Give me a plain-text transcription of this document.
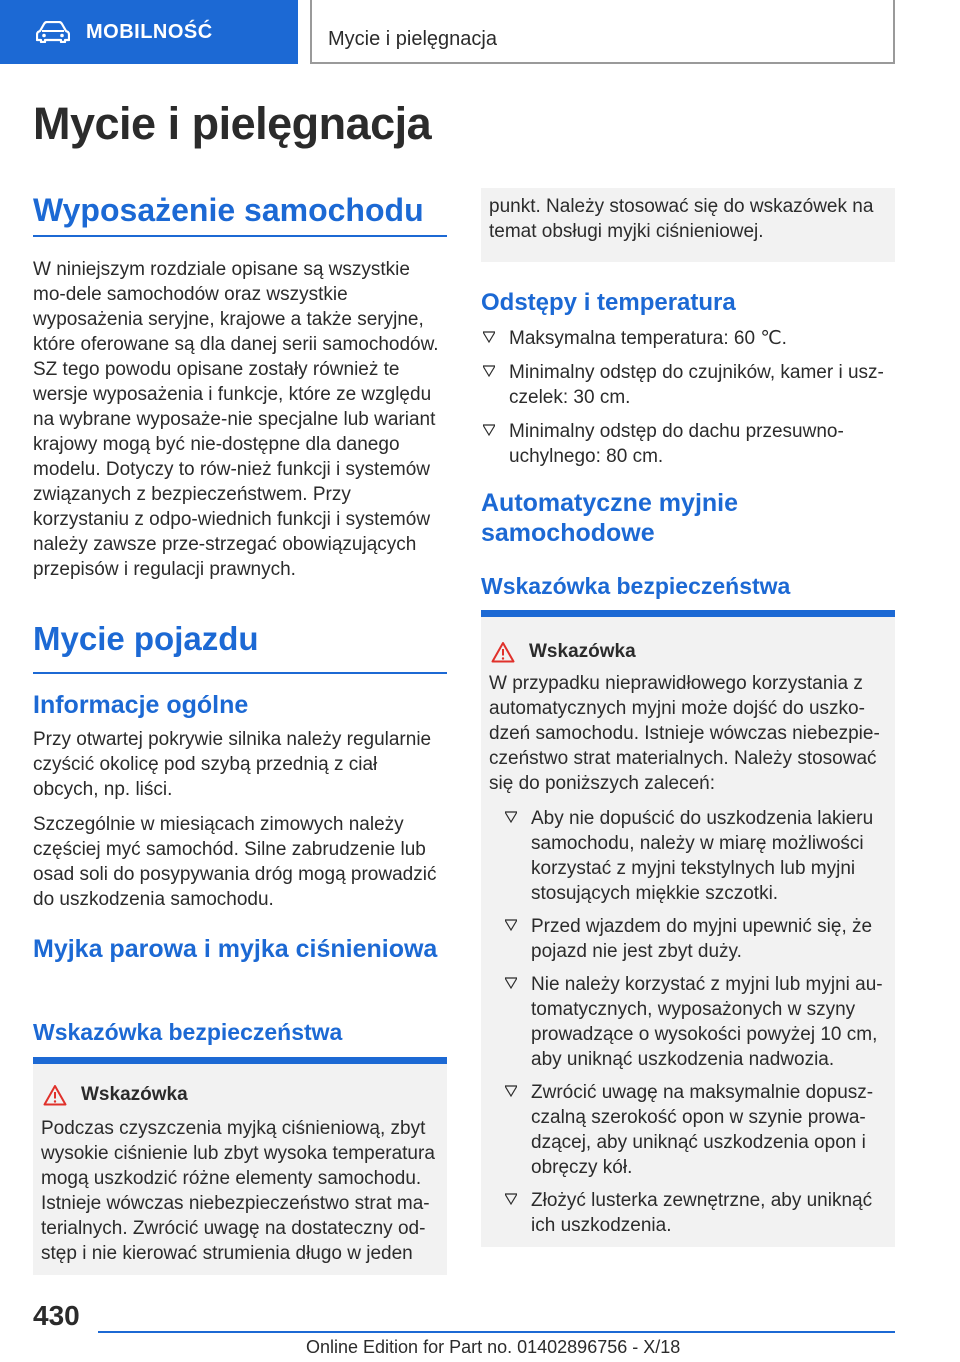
MOBILNOŚĆ	Mycie i pielęgnacja
Mycie i pielęgnacja
Wyposażenie samochodu

W niniejszym rozdziale opisane są wszystkie mo-dele samochodów oraz wszystkie wyposażenia seryjne, krajowe a także seryjne, które oferowane są dla danej serii samochodów. SZ tego powodu opisane zostały również te wersje wyposażenia i funkcje, które ze względu na wybrane wyposaże-nie specjalne lub wariant krajowy mogą być nie-dostępne dla danego modelu. Dotyczy to rów-nież funkcji i systemów związanych z bezpieczeństwem. Przy korzystaniu z odpo-wiednich funkcji i systemów należy zawsze prze-strzegać obowiązujących przepisów i regulacji prawnych.

Mycie pojazdu
Informacje ogólne

Przy otwartej pokrywie silnika należy regularnie czyścić okolicę pod szybą przednią z ciał obcych, np. liści.

Szczególnie w miesiącach zimowych należy częściej myć samochód. Silne zabrudzenie lub osad soli do posypywania dróg mogą prowadzić do uszkodzenia samochodu.

Myjka parowa i myjka ciśnieniowa
Wskazówka bezpieczeństwa
Wskazówka

Podczas czyszczenia myjką ciśnieniową, zbyt wysokie ciśnienie lub zbyt wysoka temperatura mogą uszkodzić różne elementy samochodu. Istnieje wówczas niebezpieczeństwo strat ma-terialnych. Zwrócić uwagę na dostateczny od-stęp i nie kierować strumienia długo w jeden

punkt. Należy stosować się do wskazówek na temat obsługi myjki ciśnieniowej.

Odstępy i temperatura
Maksymalna temperatura: 60 ℃.
Minimalny odstęp do czujników, kamer i usz-czelek: 30 cm.
Minimalny odstęp do dachu przesuwno-uchylnego: 80 cm.
Automatyczne myjnie samochodowe
Wskazówka bezpieczeństwa
Wskazówka

W przypadku nieprawidłowego korzystania z automatycznych myjni może dojść do uszko-dzeń samochodu. Istnieje wówczas niebezpie-czeństwo strat materialnych. Należy stosować się do poniższych zaleceń:

Aby nie dopuścić do uszkodzenia lakieru samochodu, należy w miarę możliwości korzystać z myjni tekstylnych lub myjni stosujących miękkie szczotki.
Przed wjazdem do myjni upewnić się, że pojazd nie jest zbyt duży.
Nie należy korzystać z myjni lub myjni au-tomatycznych, wyposażonych w szyny prowadzące o wysokości powyżej 10 cm, aby uniknąć uszkodzenia nadwozia.
Zwrócić uwagę na maksymalnie dopusz-czalną szerokość opon w szynie prowa-dzącej, aby uniknąć uszkodzenia opon i obręczy kół.
Złożyć lusterka zewnętrzne, aby uniknąć ich uszkodzenia.
430
Online Edition for Part no. 01402896756 - X/18
